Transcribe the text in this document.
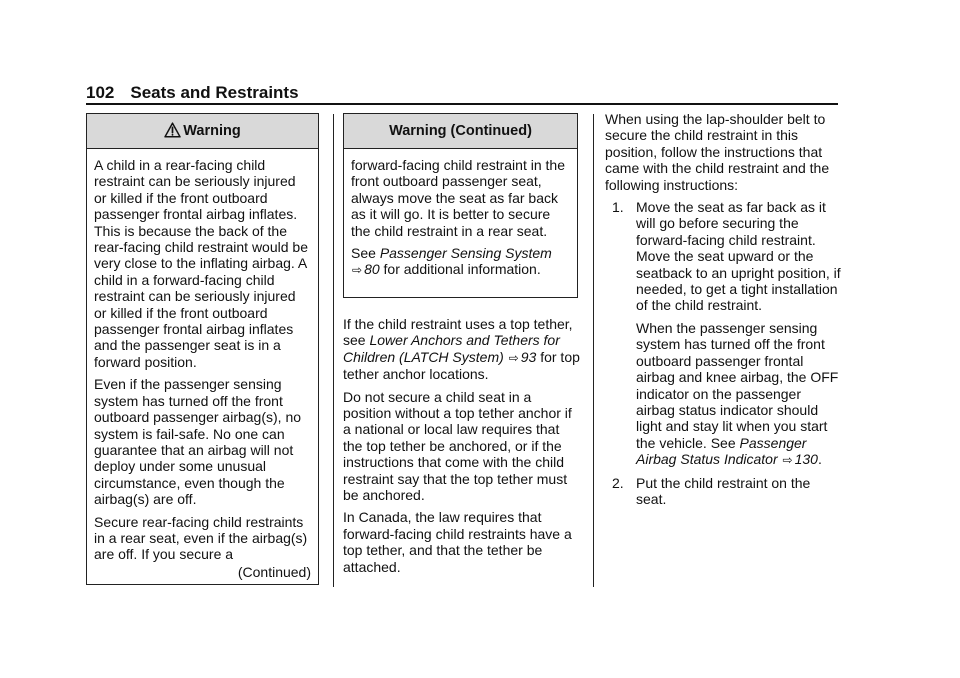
102 Seats and Restraints
Warning

A child in a rear-facing child restraint can be seriously injured or killed if the front outboard passenger frontal airbag inflates. This is because the back of the rear-facing child restraint would be very close to the inflating airbag. A child in a forward-facing child restraint can be seriously injured or killed if the front outboard passenger frontal airbag inflates and the passenger seat is in a forward position.

Even if the passenger sensing system has turned off the front outboard passenger airbag(s), no system is fail-safe. No one can guarantee that an airbag will not deploy under some unusual circumstance, even though the airbag(s) are off.

Secure rear-facing child restraints in a rear seat, even if the airbag(s) are off. If you secure a

(Continued)
Warning (Continued)

forward-facing child restraint in the front outboard passenger seat, always move the seat as far back as it will go. It is better to secure the child restraint in a rear seat.

See Passenger Sensing System ⇨ 80 for additional information.

If the child restraint uses a top tether, see Lower Anchors and Tethers for Children (LATCH System) ⇨ 93 for top tether anchor locations.

Do not secure a child seat in a position without a top tether anchor if a national or local law requires that the top tether be anchored, or if the instructions that come with the child restraint say that the top tether must be anchored.

In Canada, the law requires that forward-facing child restraints have a top tether, and that the tether be attached.

When using the lap-shoulder belt to secure the child restraint in this position, follow the instructions that came with the child restraint and the following instructions:

1. Move the seat as far back as it will go before securing the forward-facing child restraint. Move the seat upward or the seatback to an upright position, if needed, to get a tight installation of the child restraint.

When the passenger sensing system has turned off the front outboard passenger frontal airbag and knee airbag, the OFF indicator on the passenger airbag status indicator should light and stay lit when you start the vehicle. See Passenger Airbag Status Indicator ⇨ 130.

2. Put the child restraint on the seat.
